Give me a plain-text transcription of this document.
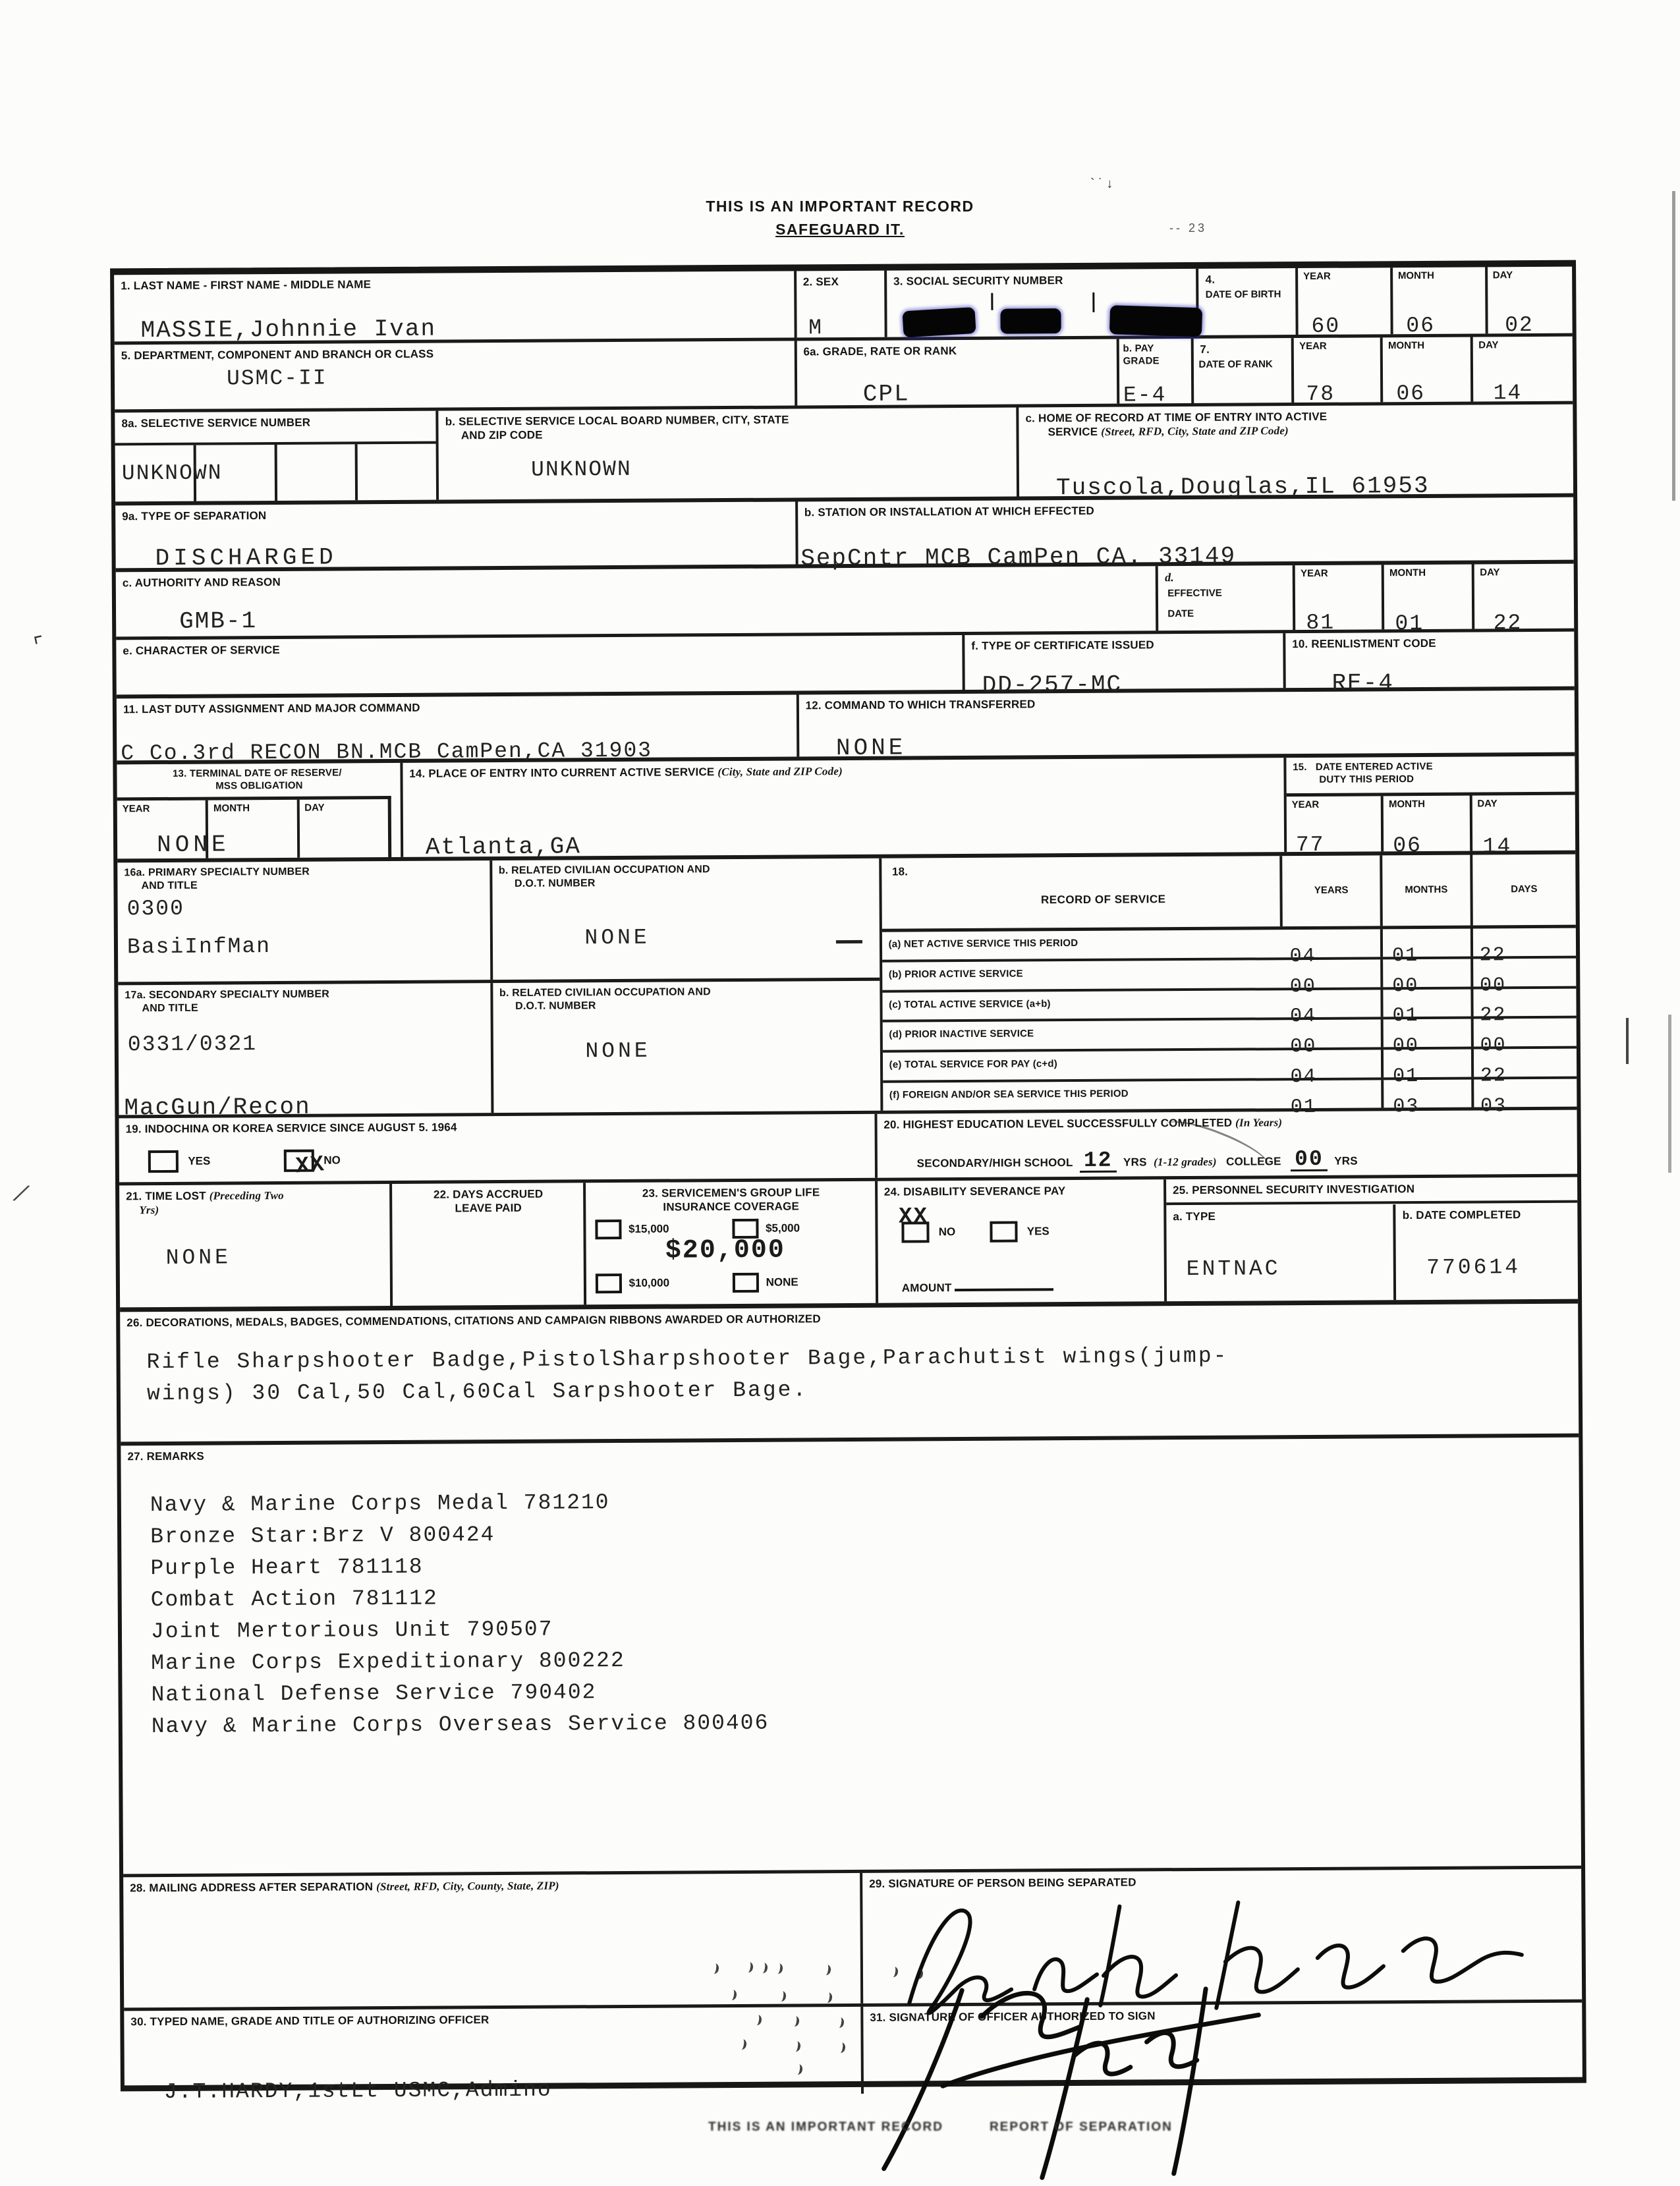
THIS IS AN IMPORTANT RECORD
SAFEGUARD IT.
` ˙ ↓
-- 23
⌜
∕
1. LAST NAME - FIRST NAME - MIDDLE NAME
MASSIE,Johnnie Ivan
2. SEX
M
3. SOCIAL SECURITY NUMBER	4.
DATE OF BIRTH
YEAR
60
MONTH
06
DAY
02
5. DEPARTMENT, COMPONENT AND BRANCH OR CLASS
USMC-II
6a. GRADE, RATE OR RANK
CPL
b. PAY GRADE
E-4
7.
DATE OF RANK
YEAR
78
MONTH
06
DAY
14
8a. SELECTIVE SERVICE NUMBER
UNKNOWN
b. SELECTIVE SERVICE LOCAL BOARD NUMBER, CITY, STATE
AND ZIP CODE
UNKNOWN
c. HOME OF RECORD AT TIME OF ENTRY INTO ACTIVE
SERVICE (Street, RFD, City, State and ZIP Code)
Tuscola,Douglas,IL 61953
9a. TYPE OF SEPARATION
DISCHARGED
b. STATION OR INSTALLATION AT WHICH EFFECTED
SepCntr MCB CamPen CA. 33149
c. AUTHORITY AND REASON
GMB-1
d.
EFFECTIVE
DATE
YEAR
81
MONTH
01
DAY
22
e. CHARACTER OF SERVICE	f. TYPE OF CERTIFICATE ISSUED
DD-257-MC
10. REENLISTMENT CODE
RE-4
11. LAST DUTY ASSIGNMENT AND MAJOR COMMAND
C Co.3rd RECON BN.MCB CamPen,CA 31903
12. COMMAND TO WHICH TRANSFERRED
NONE
13. TERMINAL DATE OF RESERVE/
MSS OBLIGATION
YEAR	MONTH	DAY
NONE
14. PLACE OF ENTRY INTO CURRENT ACTIVE SERVICE (City, State and ZIP Code)
Atlanta,GA
15. DATE ENTERED ACTIVE
DUTY THIS PERIOD
YEAR
77
MONTH
06
DAY
14
16a. PRIMARY SPECIALTY NUMBER
AND TITLE
0300
BasiInfMan
b. RELATED CIVILIAN OCCUPATION AND
D.O.T. NUMBER
NONE
17a. SECONDARY SPECIALTY NUMBER
AND TITLE
0331/0321
MacGun/Recon
b. RELATED CIVILIAN OCCUPATION AND
D.O.T. NUMBER
NONE
18.
RECORD OF SERVICE
YEARS	MONTHS	DAYS
(a) NET ACTIVE SERVICE THIS PERIOD
04	01	22
(b) PRIOR ACTIVE SERVICE
00	00	00
(c) TOTAL ACTIVE SERVICE (a+b)
04	01	22
(d) PRIOR INACTIVE SERVICE
00	00	00
(e) TOTAL SERVICE FOR PAY (c+d)
04	01	22
(f) FOREIGN AND/OR SEA SERVICE THIS PERIOD
01	03	03
19. INDOCHINA OR KOREA SERVICE SINCE AUGUST 5. 1964
YES	NO
XX
20. HIGHEST EDUCATION LEVEL SUCCESSFULLY COMPLETED (In Years)
SECONDARY/HIGH SCHOOL 12 YRS (1-12 grades) COLLEGE 00 YRS
21. TIME LOST (Preceding Two
Yrs)
NONE
22. DAYS ACCRUED
LEAVE PAID
23. SERVICEMEN'S GROUP LIFE
INSURANCE COVERAGE
$15,000	$5,000
$20,000
$10,000	NONE
24. DISABILITY SEVERANCE PAY
NO
XX
YES
AMOUNT
25. PERSONNEL SECURITY INVESTIGATION
a. TYPE
ENTNAC
b. DATE COMPLETED
770614
26. DECORATIONS, MEDALS, BADGES, COMMENDATIONS, CITATIONS AND CAMPAIGN RIBBONS AWARDED OR AUTHORIZED
Rifle Sharpshooter Badge,PistolSharpshooter Bage,Parachutist wings(jump-
wings) 30 Cal,50 Cal,60Cal Sarpshooter Bage.
27. REMARKS
Navy & Marine Corps Medal 781210
Bronze Star:Brz V 800424
Purple Heart 781118
Combat Action 781112
Joint Mertorious Unit 790507
Marine Corps Expeditionary 800222
National Defense Service 790402
Navy & Marine Corps Overseas Service 800406
28. MAILING ADDRESS AFTER SEPARATION (Street, RFD, City, County, State, ZIP)	29. SIGNATURE OF PERSON BEING SEPARATED
30. TYPED NAME, GRADE AND TITLE OF AUTHORIZING OFFICER
J.T.HARDY,1stLt USMC,Admino
31. SIGNATURE OF OFFICER AUTHORIZED TO SIGN
THIS IS AN IMPORTANT RECORD	REPORT OF SEPARATION
